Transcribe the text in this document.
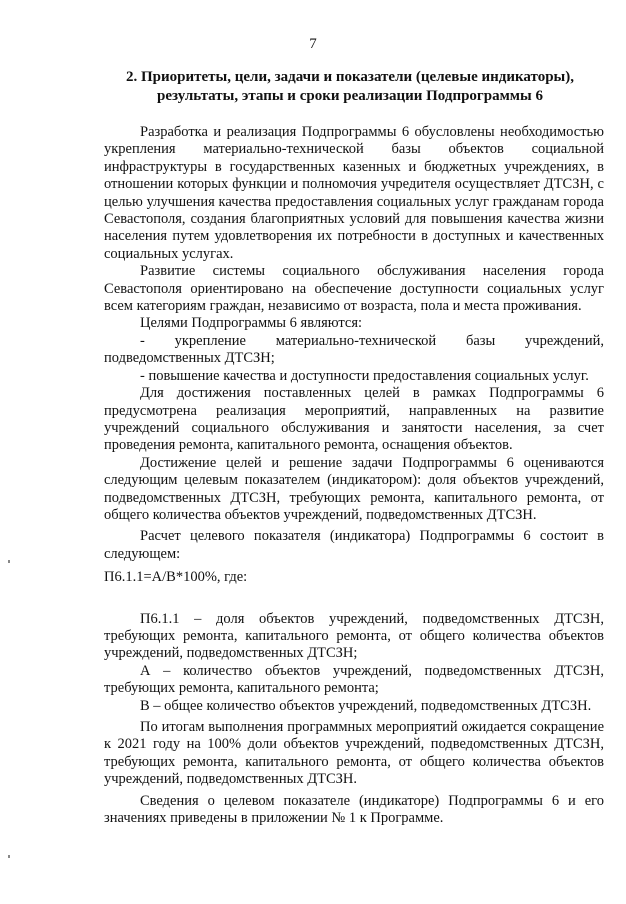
7
2. Приоритеты, цели, задачи и показатели (целевые индикаторы),
результаты, этапы и сроки реализации Подпрограммы 6

Разработка и реализация Подпрограммы 6 обусловлены необходимостью укрепления материально-технической базы объектов социальной инфраструктуры в государственных казенных и бюджетных учреждениях, в отношении которых функции и полномочия учредителя осуществляет ДТСЗН, с целью улучшения качества предоставления социальных услуг гражданам города Севастополя, создания благоприятных условий для повышения качества жизни населения путем удовлетворения их потребности в доступных и качественных социальных услугах.

Развитие системы социального обслуживания населения города Севастополя ориентировано на обеспечение доступности социальных услуг всем категориям граждан, независимо от возраста, пола и места проживания.

Целями Подпрограммы 6 являются:

- укрепление материально-технической базы учреждений, подведомственных ДТСЗН;

- повышение качества и доступности предоставления социальных услуг.

Для достижения поставленных целей в рамках Подпрограммы 6 предусмотрена реализация мероприятий, направленных на развитие учреждений социального обслуживания и занятости населения, за счет проведения ремонта, капитального ремонта, оснащения объектов.

Достижение целей и решение задачи Подпрограммы 6 оцениваются следующим целевым показателем (индикатором): доля объектов учреждений, подведомственных ДТСЗН, требующих ремонта, капитального ремонта, от общего количества объектов учреждений, подведомственных ДТСЗН.

Расчет целевого показателя (индикатора) Подпрограммы 6 состоит в следующем:

П6.1.1=А/В*100%, где:

П6.1.1 – доля объектов учреждений, подведомственных ДТСЗН, требующих ремонта, капитального ремонта, от общего количества объектов учреждений, подведомственных ДТСЗН;

А – количество объектов учреждений, подведомственных ДТСЗН, требующих ремонта, капитального ремонта;

В – общее количество объектов учреждений, подведомственных ДТСЗН.

По итогам выполнения программных мероприятий ожидается сокращение к 2021 году на 100% доли объектов учреждений, подведомственных ДТСЗН, требующих ремонта, капитального ремонта, от общего количества объектов учреждений, подведомственных ДТСЗН.

Сведения о целевом показателе (индикаторе) Подпрограммы 6 и его значениях приведены в приложении № 1 к Программе.
